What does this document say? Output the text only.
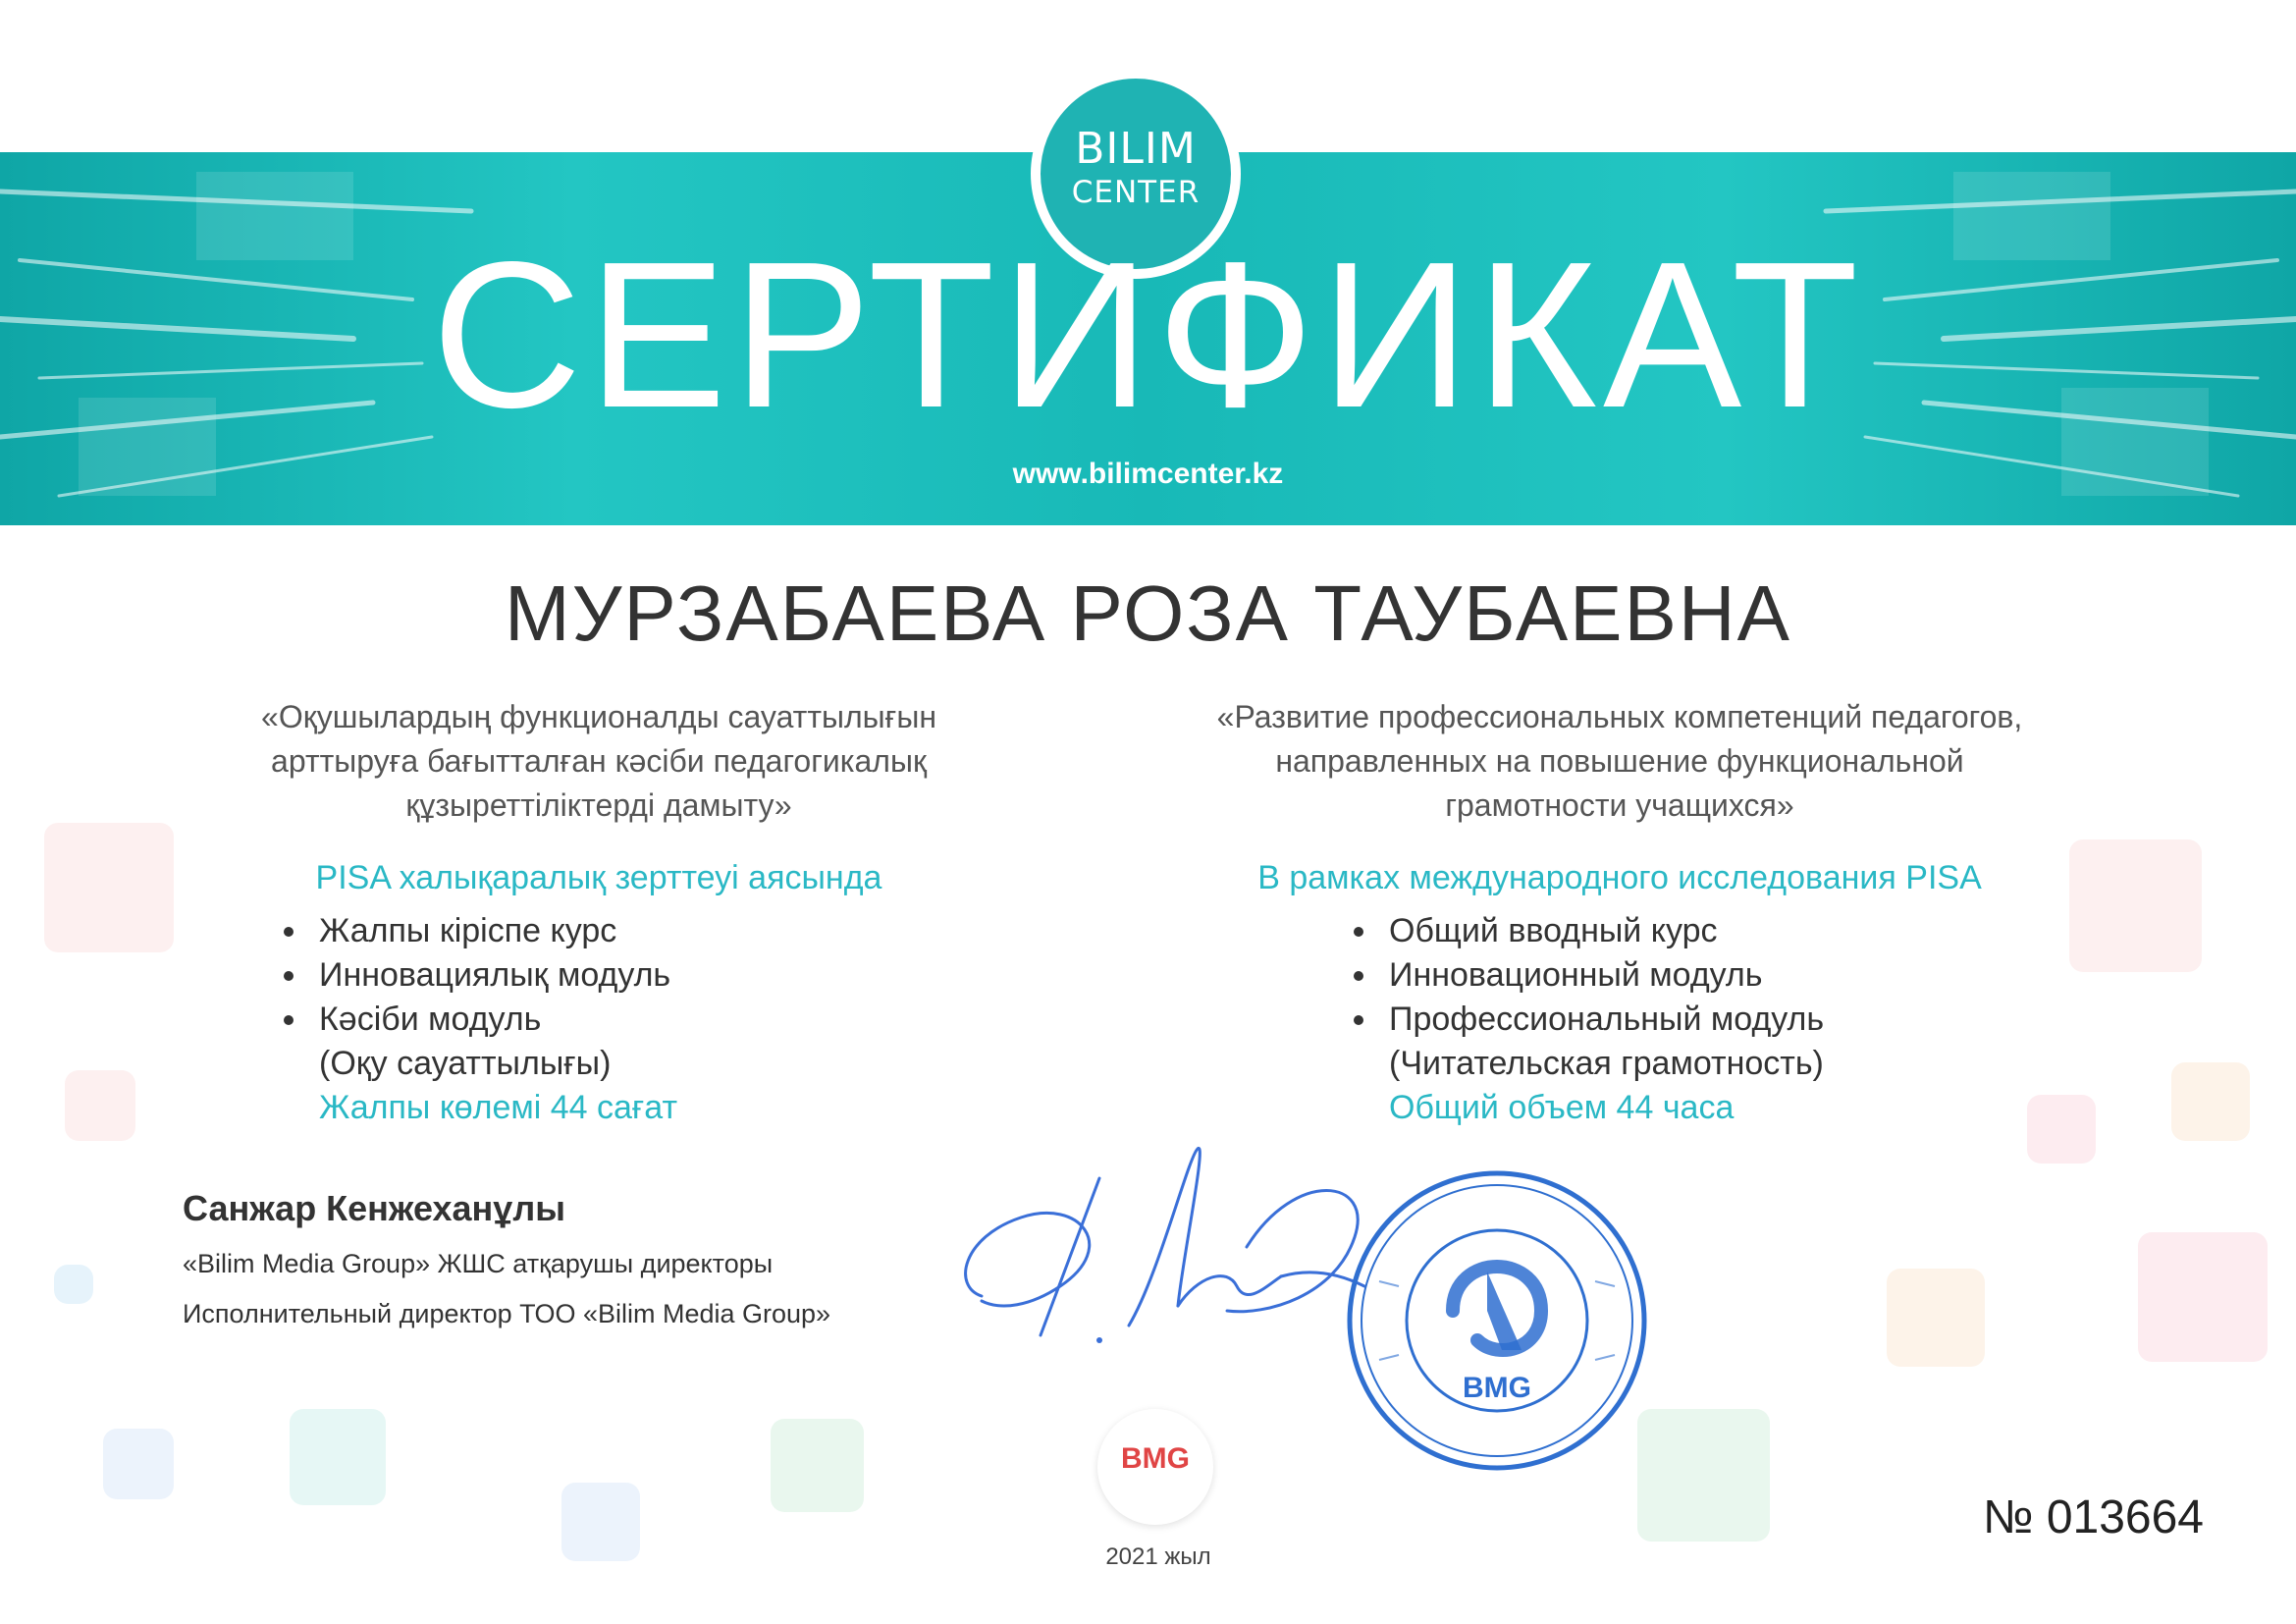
BILIM
CENTER
СЕРТИФИКАТ
www.bilimcenter.kz
МУРЗАБАЕВА РОЗА ТАУБАЕВНА
«Оқушылардың функционалды сауаттылығын
арттыруға бағытталған кәсіби педагогикалық
құзыреттіліктерді дамыту»
PISA халықаралық зерттеуі аясында
Жалпы кіріспе курс
Инновациялық модуль
Кәсіби модуль
(Оқу сауаттылығы)
Жалпы көлемі 44 сағат
«Развитие профессиональных компетенций педагогов,
направленных на повышение функциональной
грамотности учащихся»
В рамках международного исследования PISA
Общий вводный курс
Инновационный модуль
Профессиональный модуль
(Читательская грамотность)
Общий объем 44 часа
Санжар Кенжеханұлы
«Bilim Media Group» ЖШС атқарушы директоры
Исполнительный директор ТОО «Bilim Media Group»
BMG
BMG
2021 жыл
№ 013664
